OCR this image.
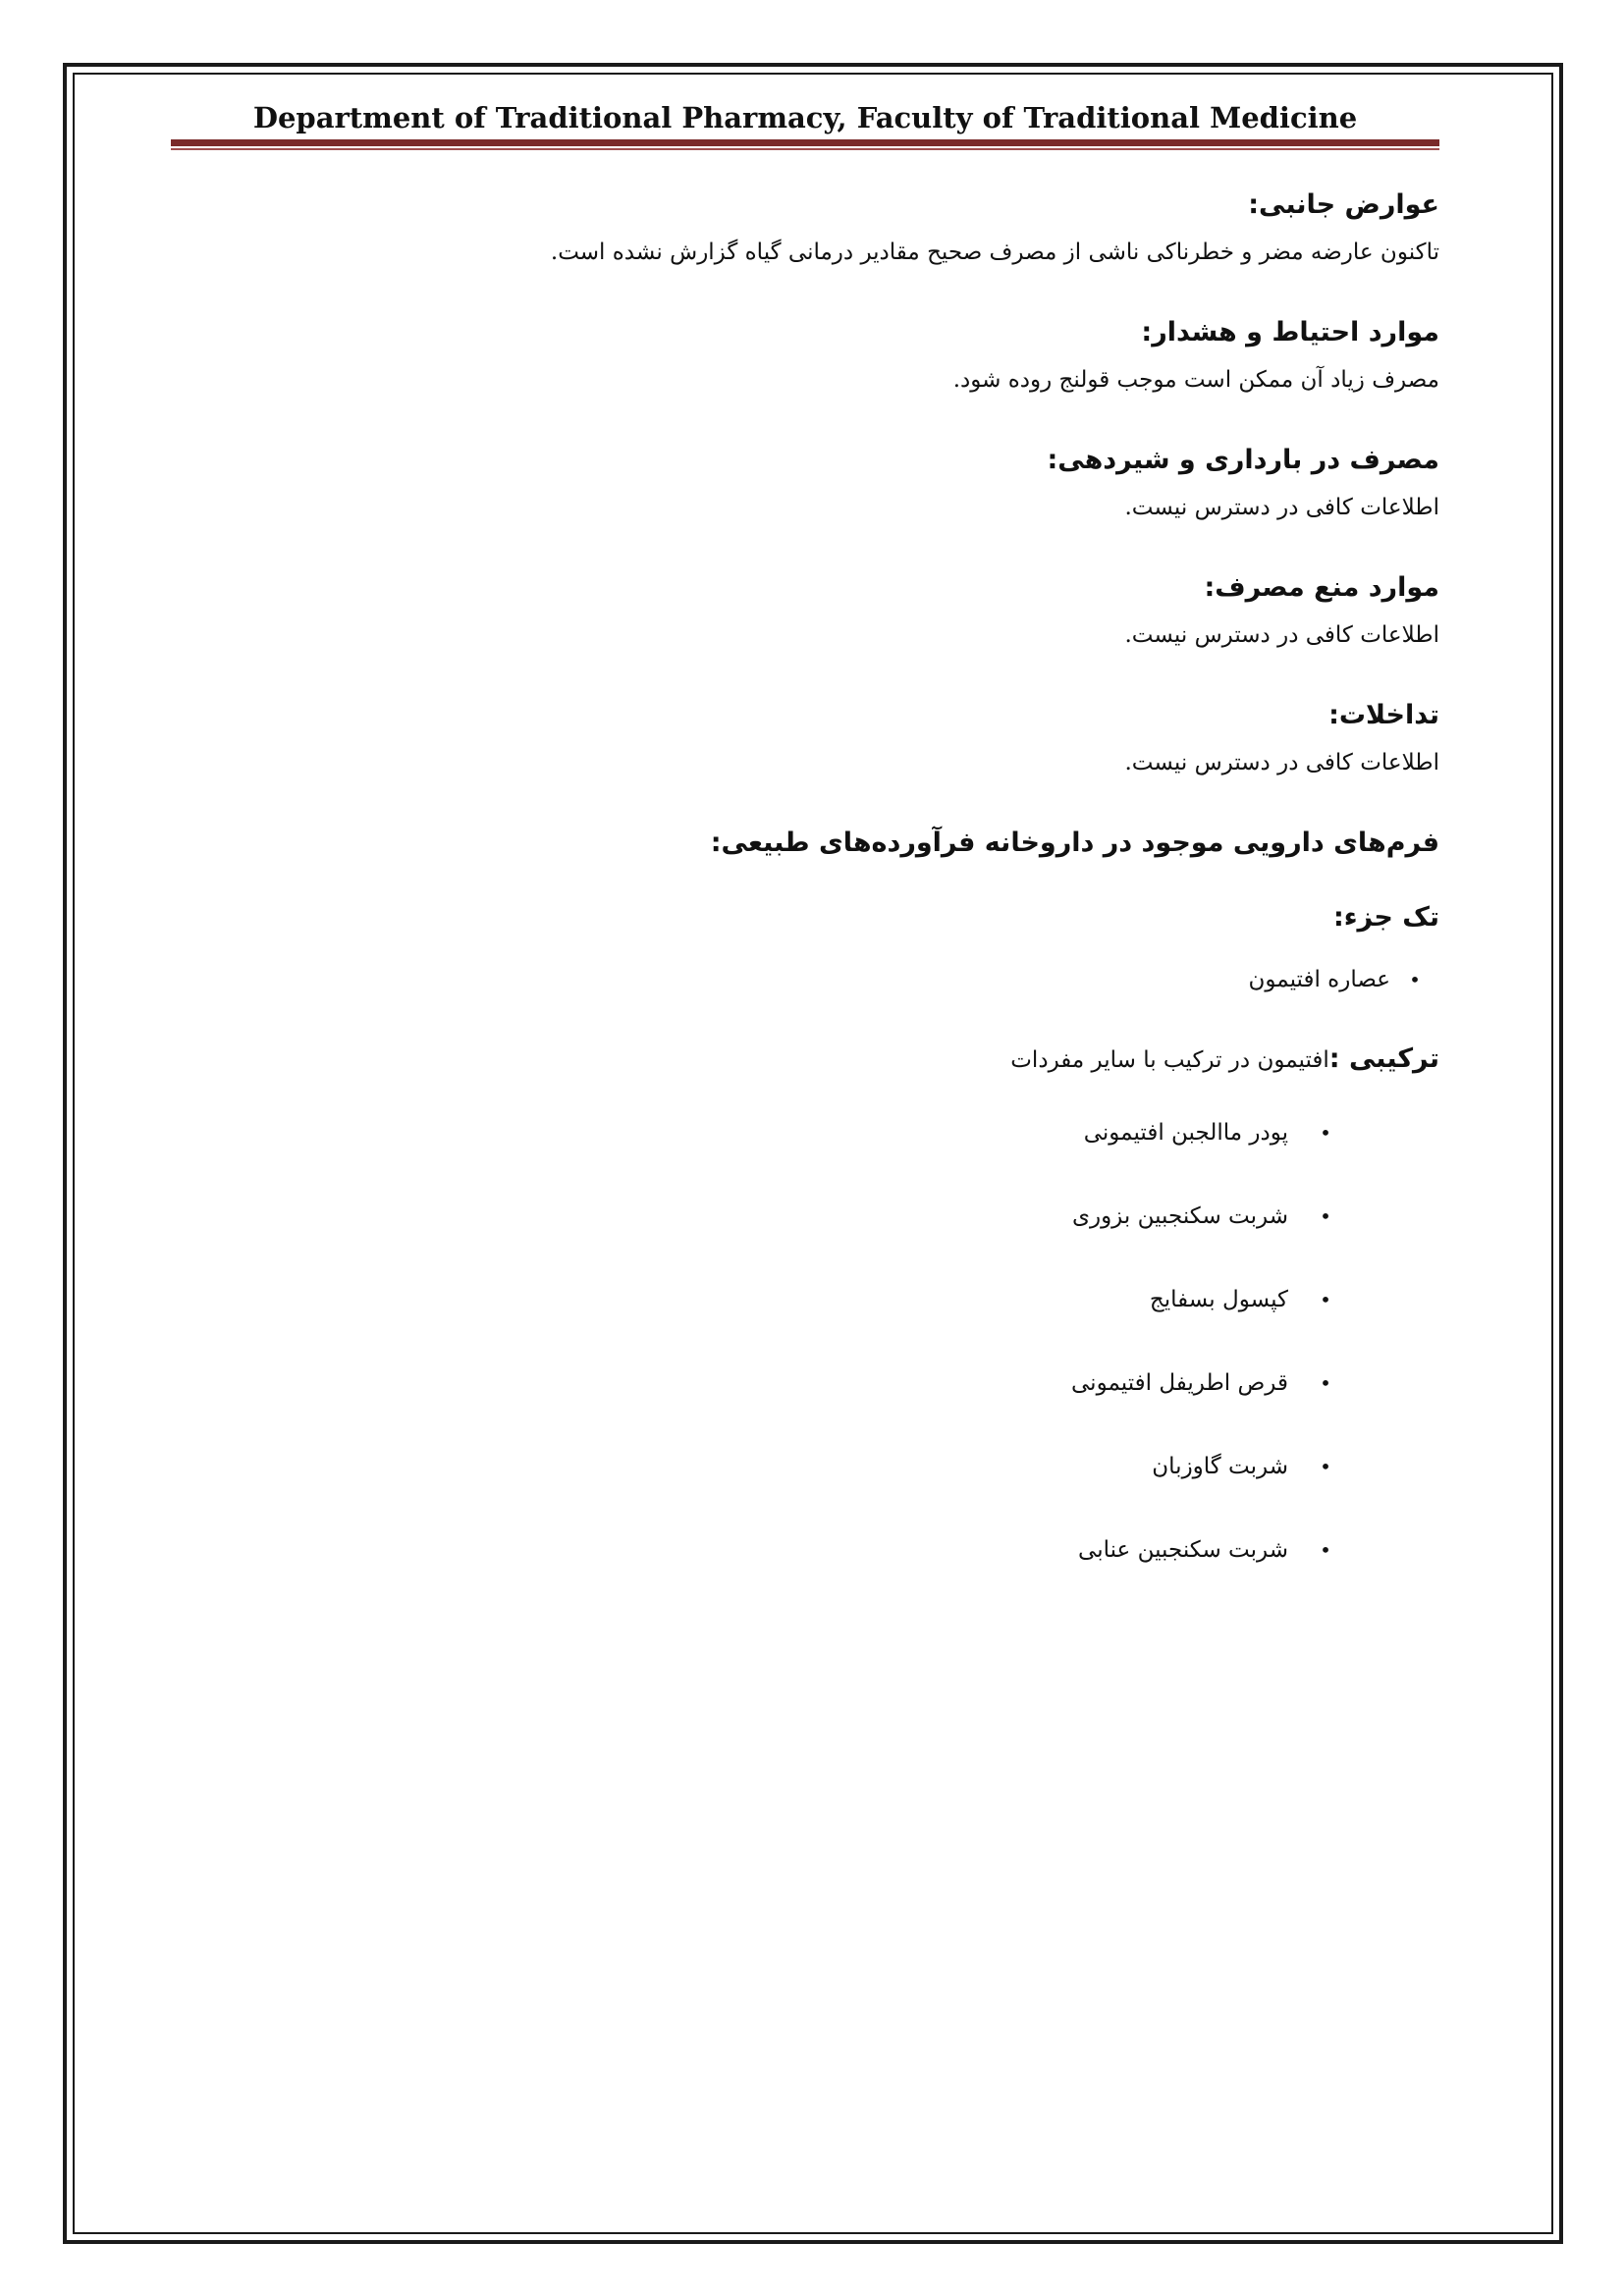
Department of Traditional Pharmacy, Faculty of Traditional Medicine

عوارض جانبی:

تاکنون عارضه مضر و خطرناکی ناشی از مصرف صحیح مقادیر درمانی گیاه گزارش نشده است.

موارد احتیاط و هشدار:

مصرف زیاد آن ممکن است موجب قولنج روده شود.

مصرف در بارداری و شیردهی:

اطلاعات کافی در دسترس نیست.

موارد منع مصرف:

اطلاعات کافی در دسترس نیست.

تداخلات:

اطلاعات کافی در دسترس نیست.

فرم‌های دارویی موجود در داروخانه فرآورده‌های طبیعی:

تک جزء:

•
عصاره افتیمون

ترکیبی :افتیمون در ترکیب با سایر مفردات

•
پودر ماالجبن افتیمونی
•
شربت سکنجبین بزوری
•
کپسول بسفایج
•
قرص اطریفل افتیمونی
•
شربت گاوزبان
•
شربت سکنجبین عنابی
